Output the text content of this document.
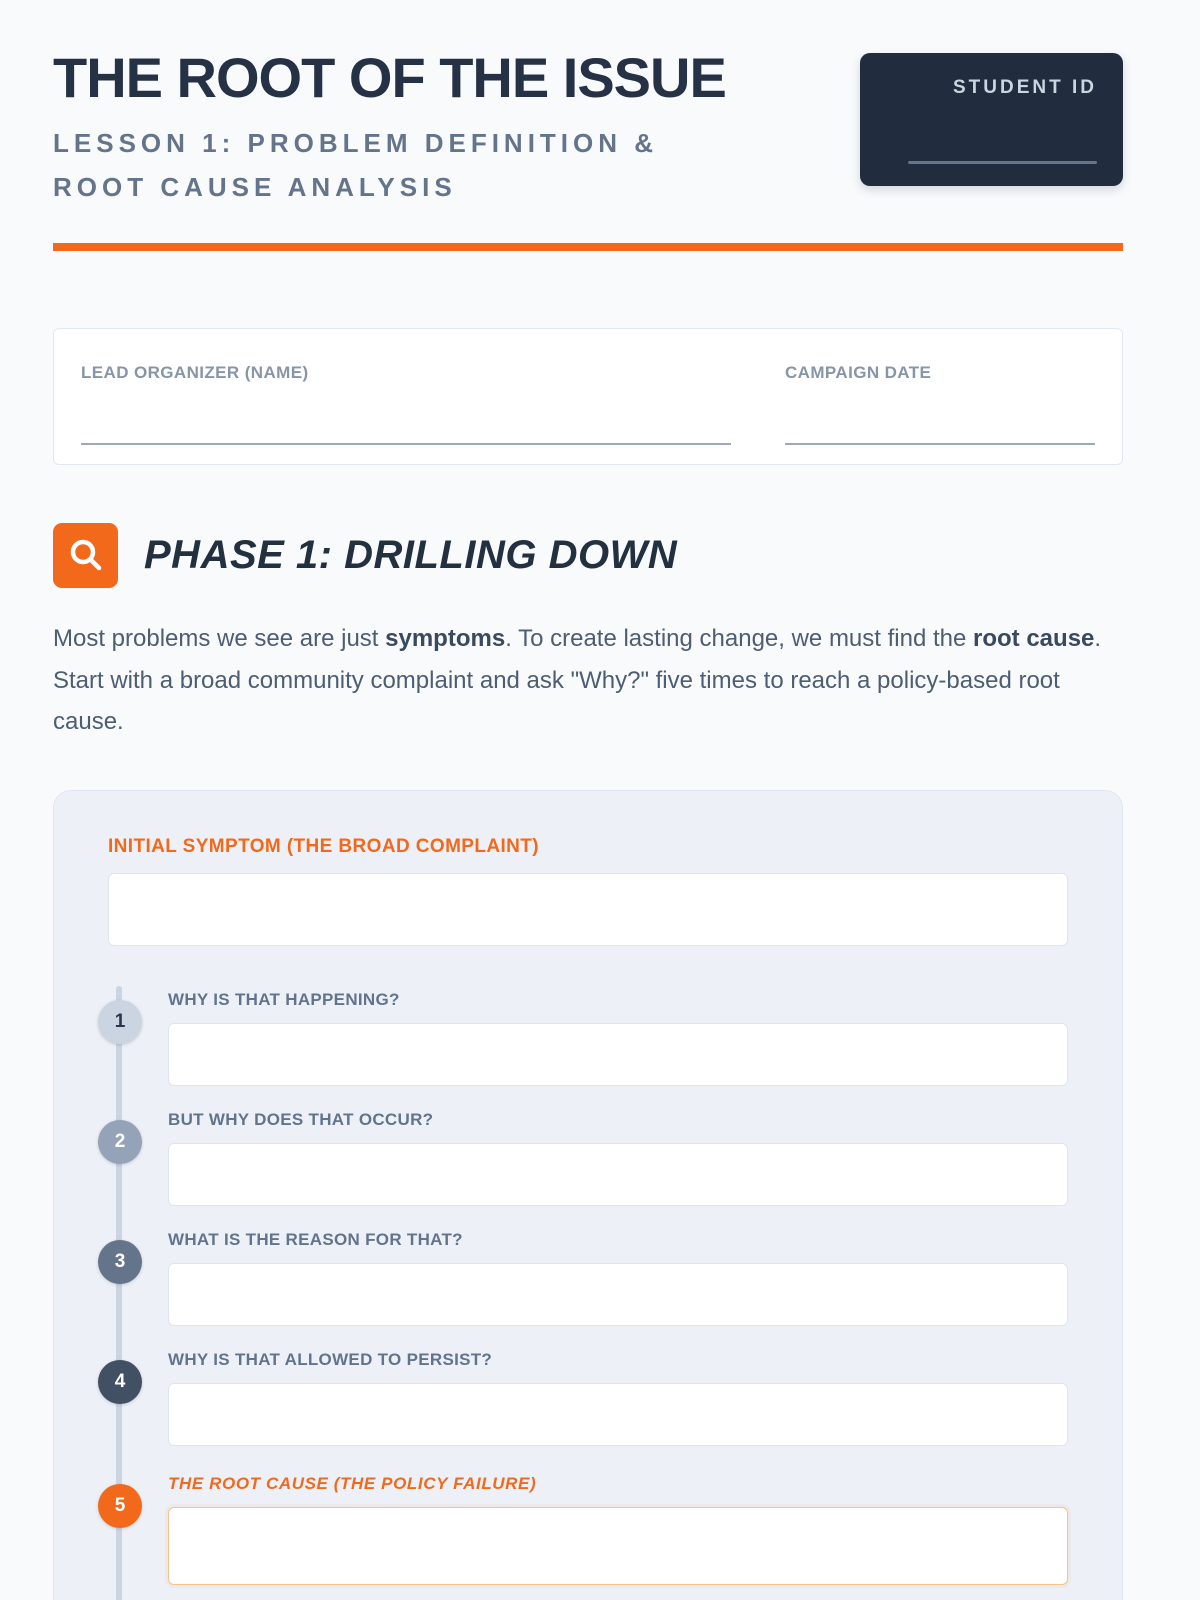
THE ROOT OF THE ISSUE
LESSON 1: PROBLEM DEFINITION & ROOT CAUSE ANALYSIS
STUDENT ID
LEAD ORGANIZER (NAME)	CAMPAIGN DATE
PHASE 1: DRILLING DOWN

Most problems we see are just symptoms. To create lasting change, we must find the root cause. Start with a broad community complaint and ask "Why?" five times to reach a policy-based root cause.

INITIAL SYMPTOM (THE BROAD COMPLAINT)
1
WHY IS THAT HAPPENING?
2
BUT WHY DOES THAT OCCUR?
3
WHAT IS THE REASON FOR THAT?
4
WHY IS THAT ALLOWED TO PERSIST?
5
THE ROOT CAUSE (THE POLICY FAILURE)
